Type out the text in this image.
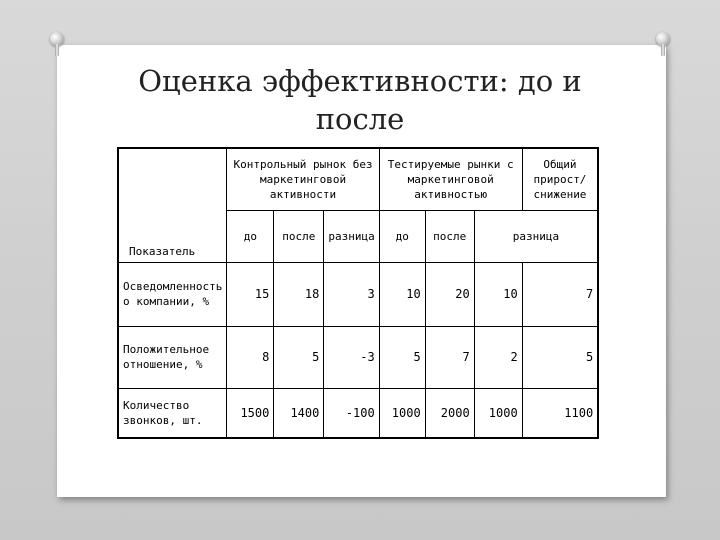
Оценка эффективности: до и
после
Показатель	Контрольный рынок без маркетинговой активности			Тестируемые рынки с маркетинговой активностью			Общий прирост/снижение
	до	после	разница	до	после	разница	
Осведомленность о компании, %	15	18	3	10	20	10	7
Положительное отношение, %	8	5	-3	5	7	2	5
Количество звонков, шт.	1500	1400	-100	1000	2000	1000	1100
